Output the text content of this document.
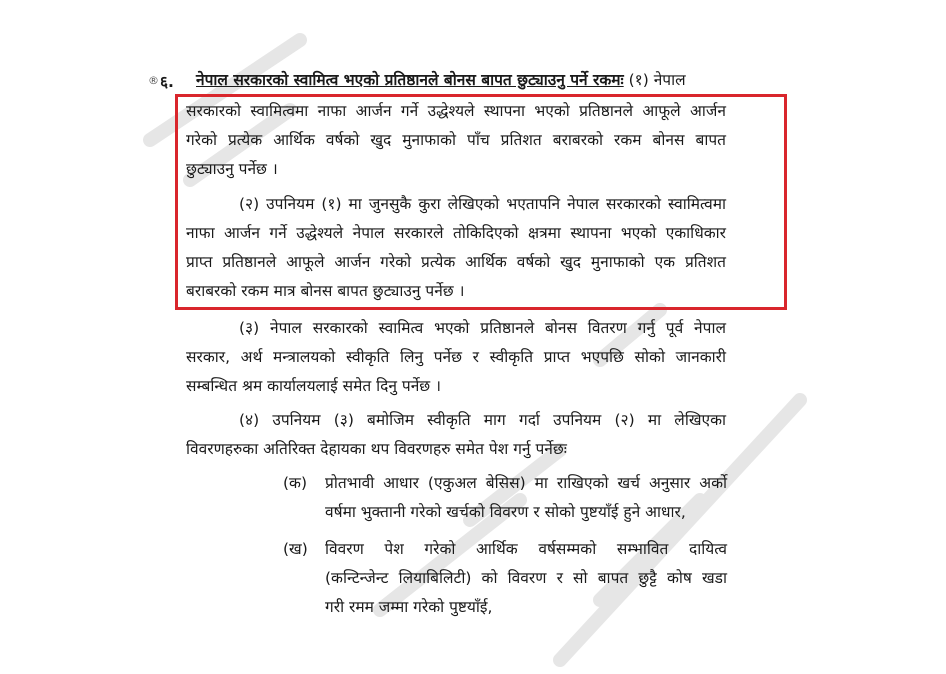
® ६. नेपाल सरकारको स्वामित्व भएको प्रतिष्ठानले बोनस बापत छुट्याउनु पर्ने रकमः (१) नेपाल
सरकारको स्वामित्वमा नाफा आर्जन गर्ने उद्धेश्यले स्थापना भएको प्रतिष्ठानले आफूले आर्जन
गरेको प्रत्येक आर्थिक वर्षको खुद मुनाफाको पाँच प्रतिशत बराबरको रकम बोनस बापत
छुट्याउनु पर्नेछ ।
(२) उपनियम (१) मा जुनसुकै कुरा लेखिएको भएतापनि नेपाल सरकारको स्वामित्वमा
नाफा आर्जन गर्ने उद्धेश्यले नेपाल सरकारले तोकिदिएको क्षत्रमा स्थापना भएको एकाधिकार
प्राप्त प्रतिष्ठानले आफूले आर्जन गरेको प्रत्येक आर्थिक वर्षको खुद मुनाफाको एक प्रतिशत
बराबरको रकम मात्र बोनस बापत छुट्याउनु पर्नेछ ।
(३) नेपाल सरकारको स्वामित्व भएको प्रतिष्ठानले बोनस वितरण गर्नु पूर्व नेपाल
सरकार, अर्थ मन्त्रालयको स्वीकृति लिनु पर्नेछ र स्वीकृति प्राप्त भएपछि सोको जानकारी
सम्बन्धित श्रम कार्यालयलाई समेत दिनु पर्नेछ ।
(४) उपनियम (३) बमोजिम स्वीकृति माग गर्दा उपनियम (२) मा लेखिएका
विवरणहरुका अतिरिक्त देहायका थप विवरणहरु समेत पेश गर्नु पर्नेछः
(क) प्रोतभावी आधार (एकुअल बेसिस) मा राखिएको खर्च अनुसार अर्को
वर्षमा भुक्तानी गरेको खर्चको विवरण र सोको पुष्टयाँई हुने आधार,
(ख) विवरण पेश गरेको आर्थिक वर्षसम्मको सम्भावित दायित्व
(कन्टिन्जेन्ट लियाबिलिटी) को विवरण र सो बापत छुट्टै कोष खडा
गरी रमम जम्मा गरेको पुष्टयाँई,
